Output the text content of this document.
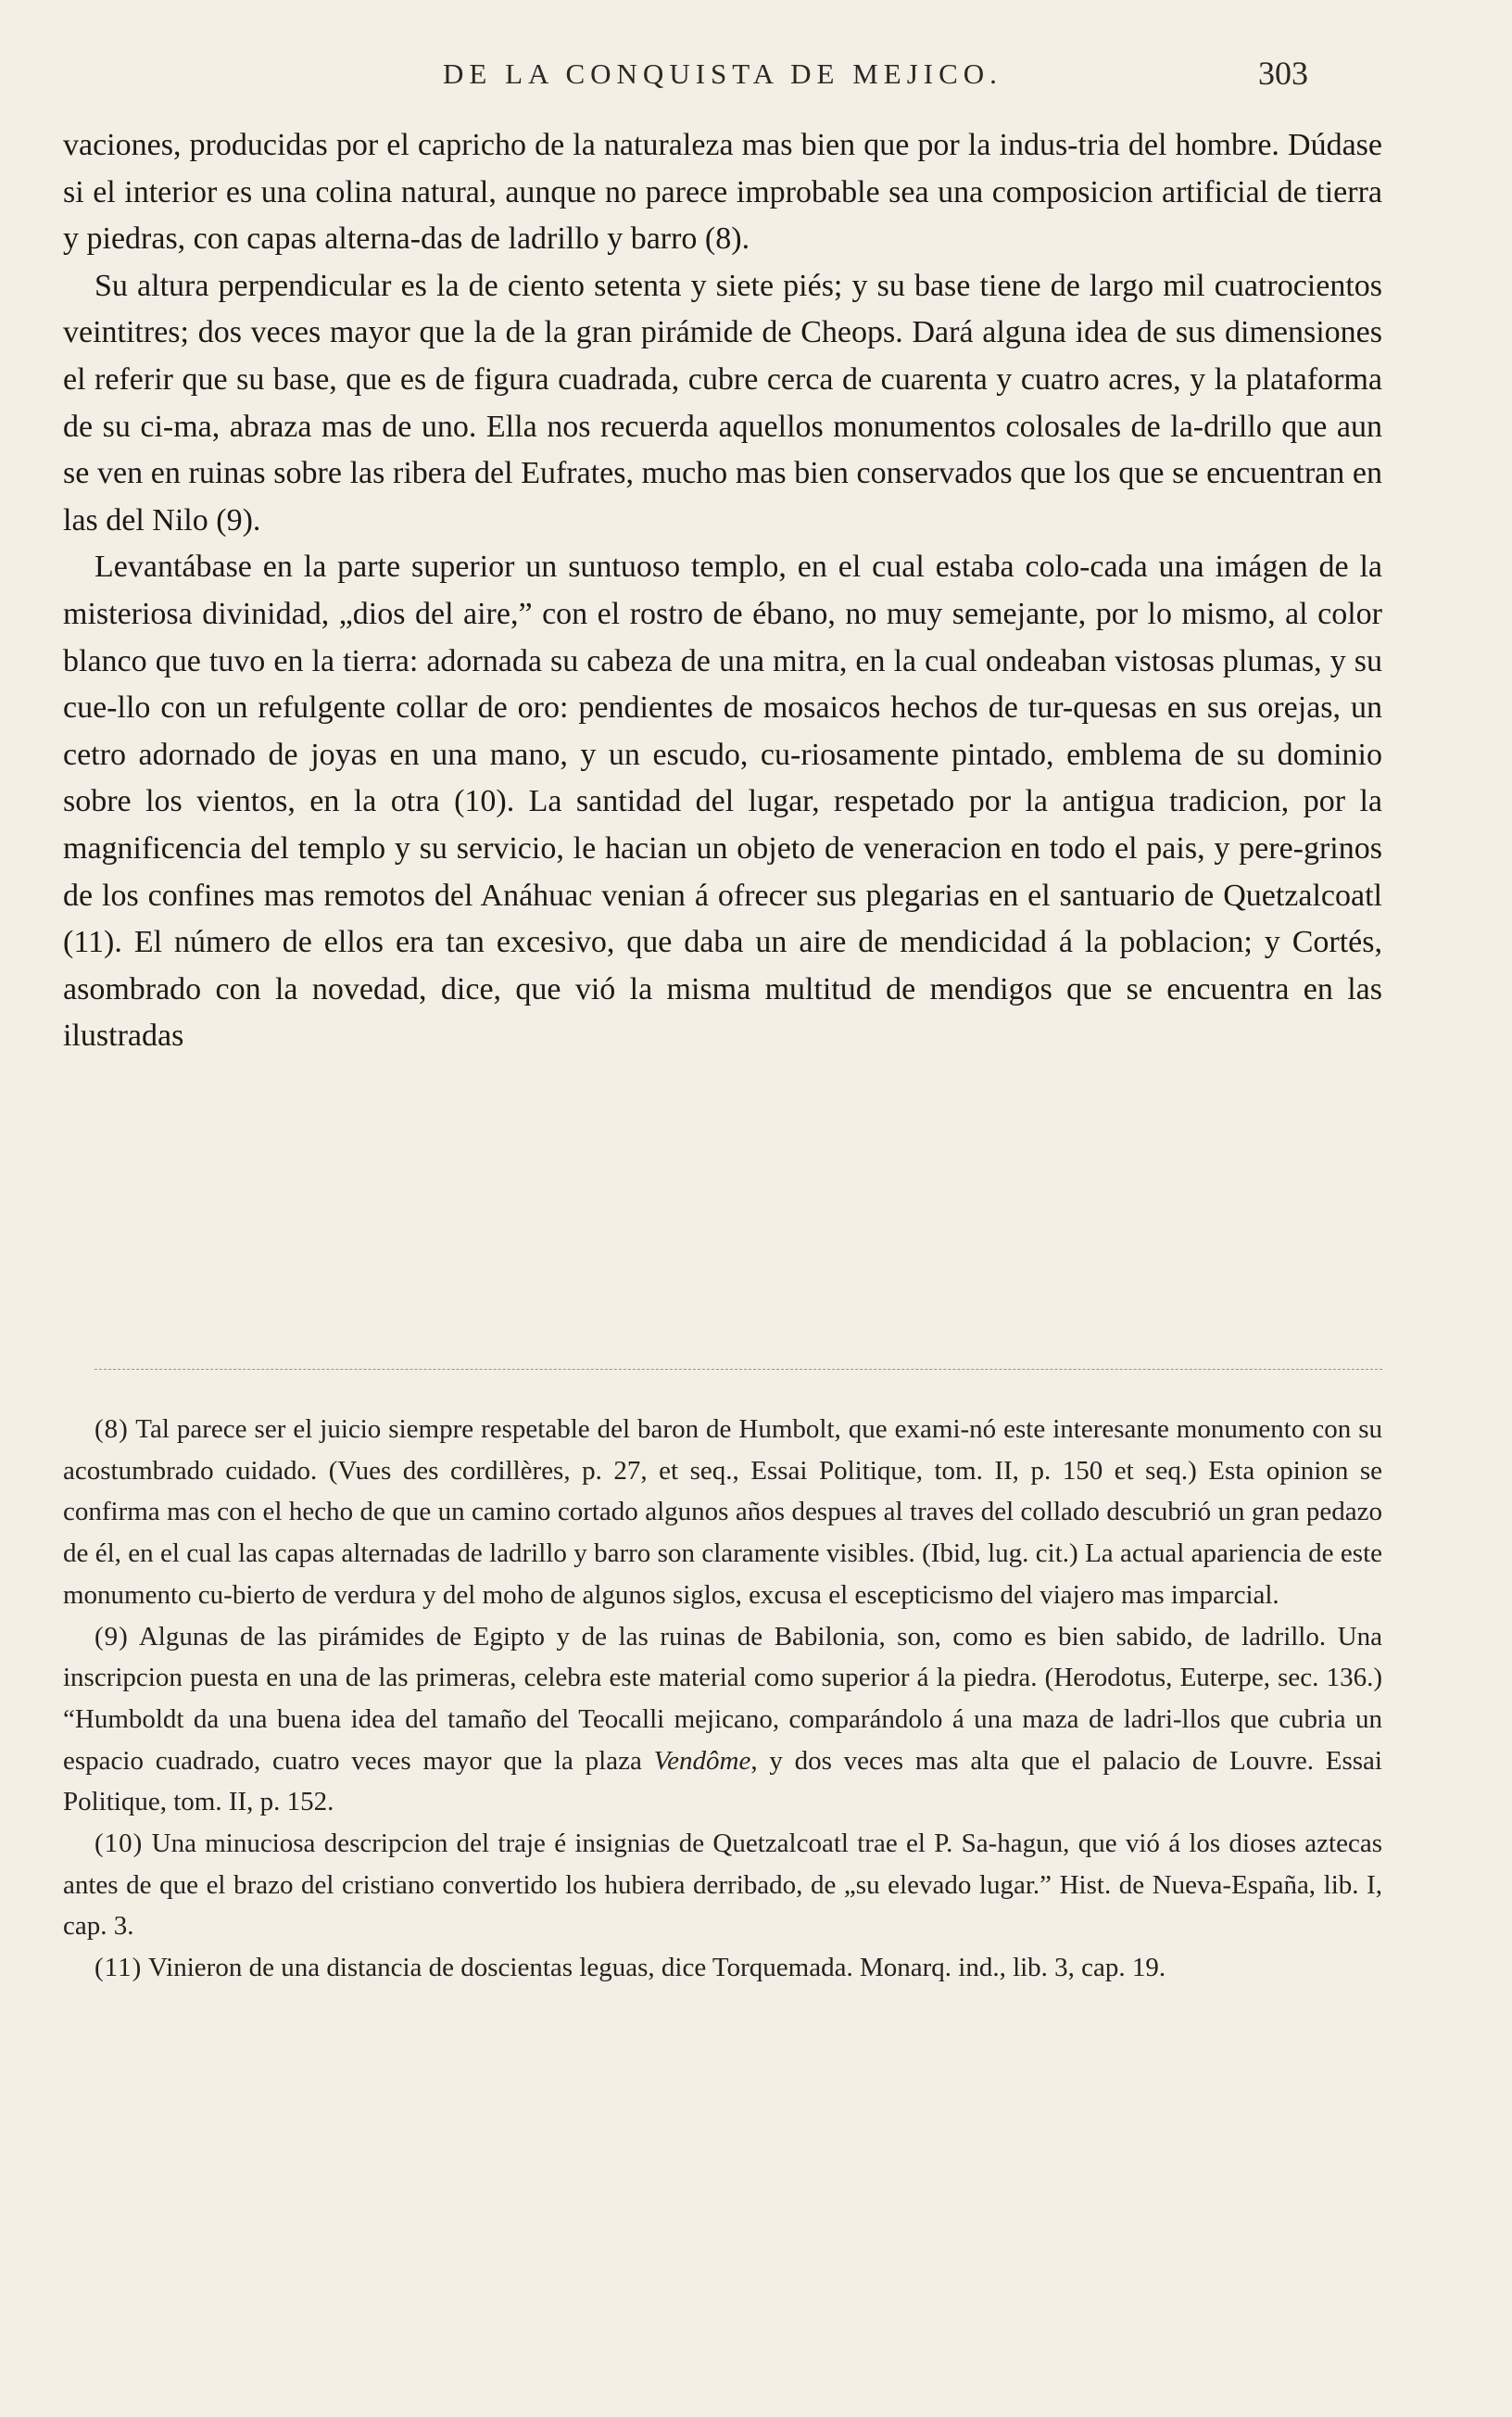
DE LA CONQUISTA DE MEJICO.	303

vaciones, producidas por el capricho de la naturaleza mas bien que por la indus-tria del hombre. Dúdase si el interior es una colina natural, aunque no parece improbable sea una composicion artificial de tierra y piedras, con capas alterna-das de ladrillo y barro (8).

Su altura perpendicular es la de ciento setenta y siete piés; y su base tiene de largo mil cuatrocientos veintitres; dos veces mayor que la de la gran pirámide de Cheops. Dará alguna idea de sus dimensiones el referir que su base, que es de figura cuadrada, cubre cerca de cuarenta y cuatro acres, y la plataforma de su ci-ma, abraza mas de uno. Ella nos recuerda aquellos monumentos colosales de la-drillo que aun se ven en ruinas sobre las ribera del Eufrates, mucho mas bien conservados que los que se encuentran en las del Nilo (9).

Levantábase en la parte superior un suntuoso templo, en el cual estaba colo-cada una imágen de la misteriosa divinidad, „dios del aire,” con el rostro de ébano, no muy semejante, por lo mismo, al color blanco que tuvo en la tierra: adornada su cabeza de una mitra, en la cual ondeaban vistosas plumas, y su cue-llo con un refulgente collar de oro: pendientes de mosaicos hechos de tur-quesas en sus orejas, un cetro adornado de joyas en una mano, y un escudo, cu-riosamente pintado, emblema de su dominio sobre los vientos, en la otra (10). La santidad del lugar, respetado por la antigua tradicion, por la magnificencia del templo y su servicio, le hacian un objeto de veneracion en todo el pais, y pere-grinos de los confines mas remotos del Anáhuac venian á ofrecer sus plegarias en el santuario de Quetzalcoatl (11). El número de ellos era tan excesivo, que daba un aire de mendicidad á la poblacion; y Cortés, asombrado con la novedad, dice, que vió la misma multitud de mendigos que se encuentra en las ilustradas

(8) Tal parece ser el juicio siempre respetable del baron de Humbolt, que exami-nó este interesante monumento con su acostumbrado cuidado. (Vues des cordillères, p. 27, et seq., Essai Politique, tom. II, p. 150 et seq.) Esta opinion se confirma mas con el hecho de que un camino cortado algunos años despues al traves del collado descubrió un gran pedazo de él, en el cual las capas alternadas de ladrillo y barro son claramente visibles. (Ibid, lug. cit.) La actual apariencia de este monumento cu-bierto de verdura y del moho de algunos siglos, excusa el escepticismo del viajero mas imparcial.

(9) Algunas de las pirámides de Egipto y de las ruinas de Babilonia, son, como es bien sabido, de ladrillo. Una inscripcion puesta en una de las primeras, celebra este material como superior á la piedra. (Herodotus, Euterpe, sec. 136.) “Humboldt da una buena idea del tamaño del Teocalli mejicano, comparándolo á una maza de ladri-llos que cubria un espacio cuadrado, cuatro veces mayor que la plaza Vendôme, y dos veces mas alta que el palacio de Louvre. Essai Politique, tom. II, p. 152.

(10) Una minuciosa descripcion del traje é insignias de Quetzalcoatl trae el P. Sa-hagun, que vió á los dioses aztecas antes de que el brazo del cristiano convertido los hubiera derribado, de „su elevado lugar.” Hist. de Nueva-España, lib. I, cap. 3.

(11) Vinieron de una distancia de doscientas leguas, dice Torquemada. Monarq. ind., lib. 3, cap. 19.
